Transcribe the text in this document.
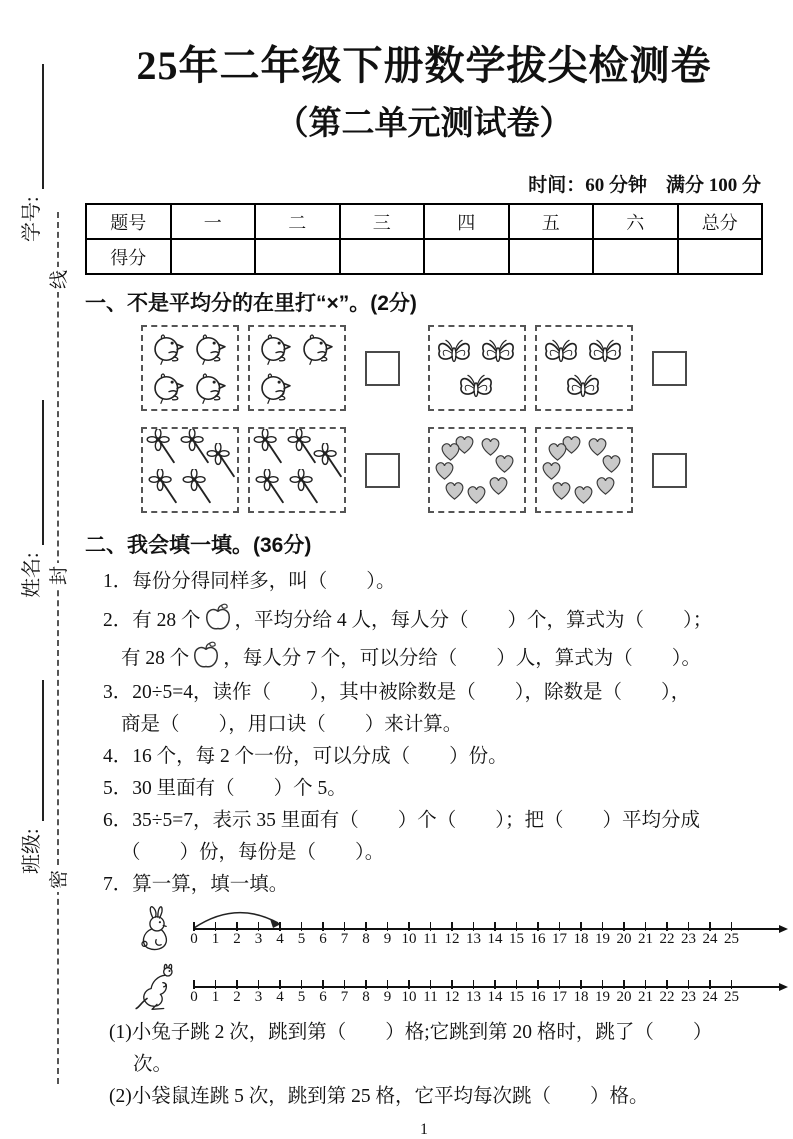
学号:
姓名:
班级:
线
封
密
25年二年级下册数学拔尖检测卷
（第二单元测试卷）
时间：60 分钟　满分 100 分
题号	一	二	三	四	五	六	总分
得分							
一、不是平均分的在里打“×”。(2分)
二、我会填一填。(36分)
1．每份分得同样多，叫（　　）。
2．有 28 个 ，平均分给 4 人，每人分（　　）个，算式为（　　）；
有 28 个 ，每人分 7 个，可以分给（　　）人，算式为（　　）。
3．20÷5=4，读作（　　），其中被除数是（　　），除数是（　　），
商是（　　），用口诀（　　）来计算。
4．16 个，每 2 个一份，可以分成（　　）份。
5．30 里面有（　　）个 5。
6．35÷5=7，表示 35 里面有（　　）个（　　）；把（　　）平均分成
（　　）份，每份是（　　）。
7．算一算，填一填。
0 1 2 3 4 5 6 7 8 9 10 11 12 13 14 15 16 17 18 19 20 21 22 23 24 25
0 1 2 3 4 5 6 7 8 9 10 11 12 13 14 15 16 17 18 19 20 21 22 23 24 25
(1)小兔子跳 2 次，跳到第（　　）格;它跳到第 20 格时，跳了（　　）
次。
(2)小袋鼠连跳 5 次，跳到第 25 格，它平均每次跳（　　）格。
1
